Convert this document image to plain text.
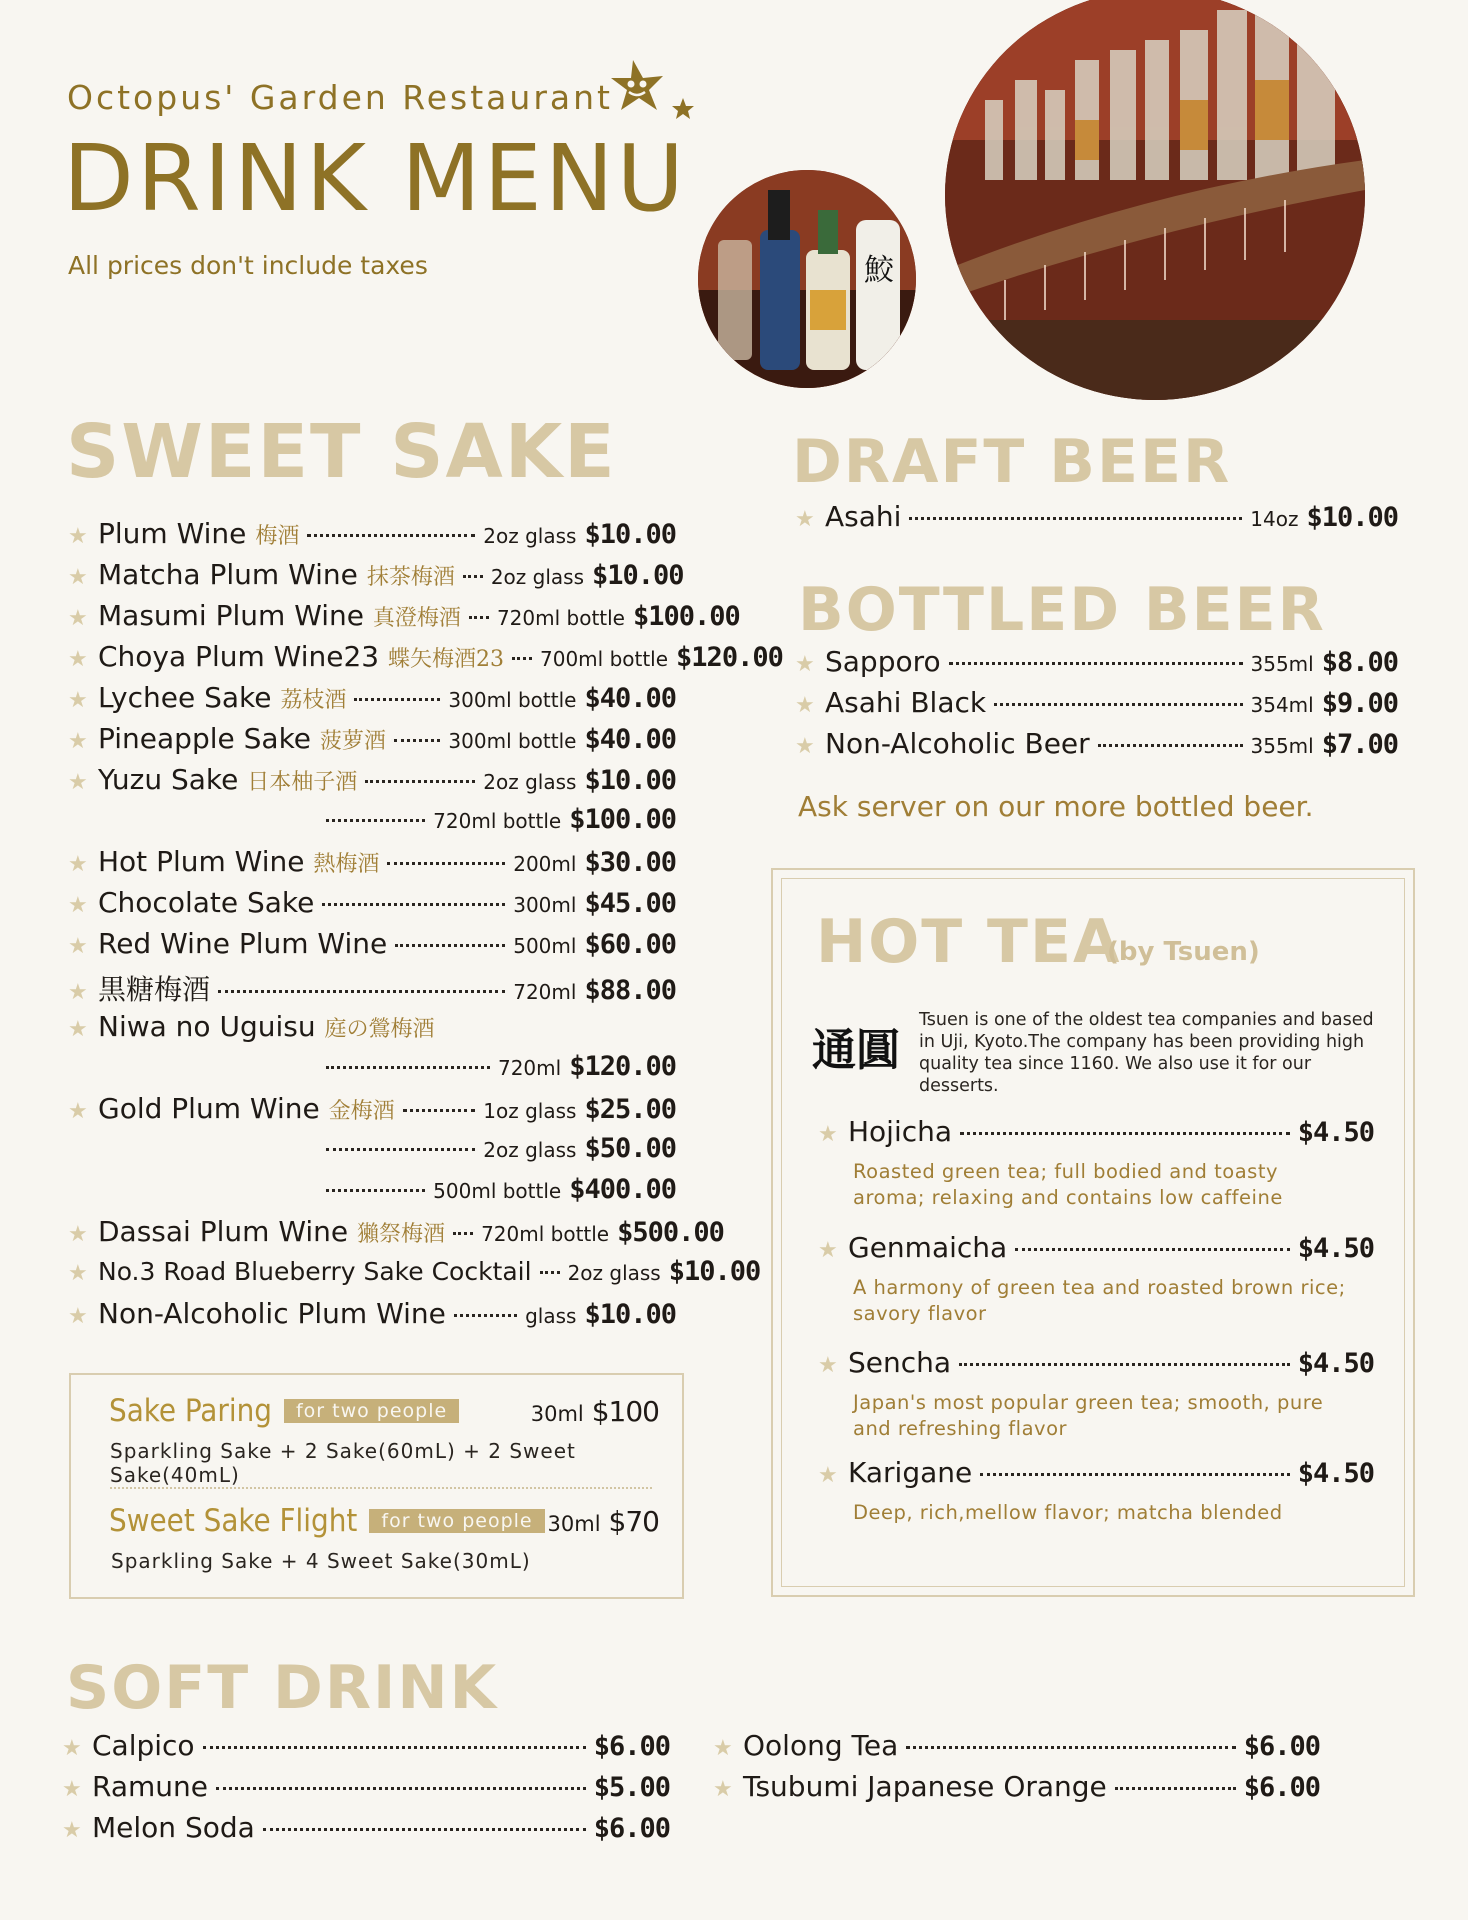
Octopus' Garden Restaurant
DRINK MENU
All prices don't include taxes	鮫
SWEET SAKE
★ Plum Wine 梅酒	2oz glass $10.00
★ Matcha Plum Wine 抹茶梅酒 2oz glass $10.00
★ Masumi Plum Wine 真澄梅酒 720ml bottle $100.00
★ Choya Plum Wine23 蝶矢梅酒23 700ml bottle $120.00
★ Lychee Sake 荔枝酒	300ml bottle $40.00
★ Pineapple Sake 菠萝酒	300ml bottle $40.00
★ Yuzu Sake 日本柚子酒	2oz glass $10.00
720ml bottle $100.00
★ Hot Plum Wine 熱梅酒	200ml $30.00
★ Chocolate Sake	300ml $45.00
★ Red Wine Plum Wine	500ml $60.00
★ 黒糖梅酒	720ml $88.00
★ Niwa no Uguisu 庭の鶯梅酒
720ml $120.00
★ Gold Plum Wine 金梅酒	1oz glass $25.00
2oz glass $50.00
500ml bottle $400.00
★ Dassai Plum Wine 獺祭梅酒 720ml bottle $500.00
★ No.3 Road Blueberry Sake Cocktail 2oz glass $10.00
★ Non-Alcoholic Plum Wine	glass $10.00
Sake Paring	for two people	30ml $100
Sparkling Sake + 2 Sake(60mL) + 2 Sweet Sake(40mL)
Sweet Sake Flight	for two people 30ml $70
Sparkling Sake + 4 Sweet Sake(30mL)
DRAFT BEER
★ Asahi	14oz $10.00
BOTTLED BEER
★ Sapporo	355ml $8.00
★ Asahi Black	354ml $9.00
★ Non-Alcoholic Beer	355ml $7.00
Ask server on our more bottled beer.
HOT TEA
(by Tsuen)
通圓
Tsuen is one of the oldest tea companies and based in Uji, Kyoto.The company has been providing high quality tea since 1160. We also use it for our desserts.
★ Hojicha	$4.50
Roasted green tea; full bodied and toasty aroma; relaxing and contains low caffeine
★ Genmaicha	$4.50
A harmony of green tea and roasted brown rice; savory flavor
★ Sencha	$4.50
Japan's most popular green tea; smooth, pure and refreshing flavor
★ Karigane	$4.50
Deep, rich,mellow flavor; matcha blended
SOFT DRINK
★ Calpico	$6.00
★ Ramune	$5.00
★ Melon Soda	$6.00
★ Oolong Tea	$6.00
★ Tsubumi Japanese Orange	$6.00
